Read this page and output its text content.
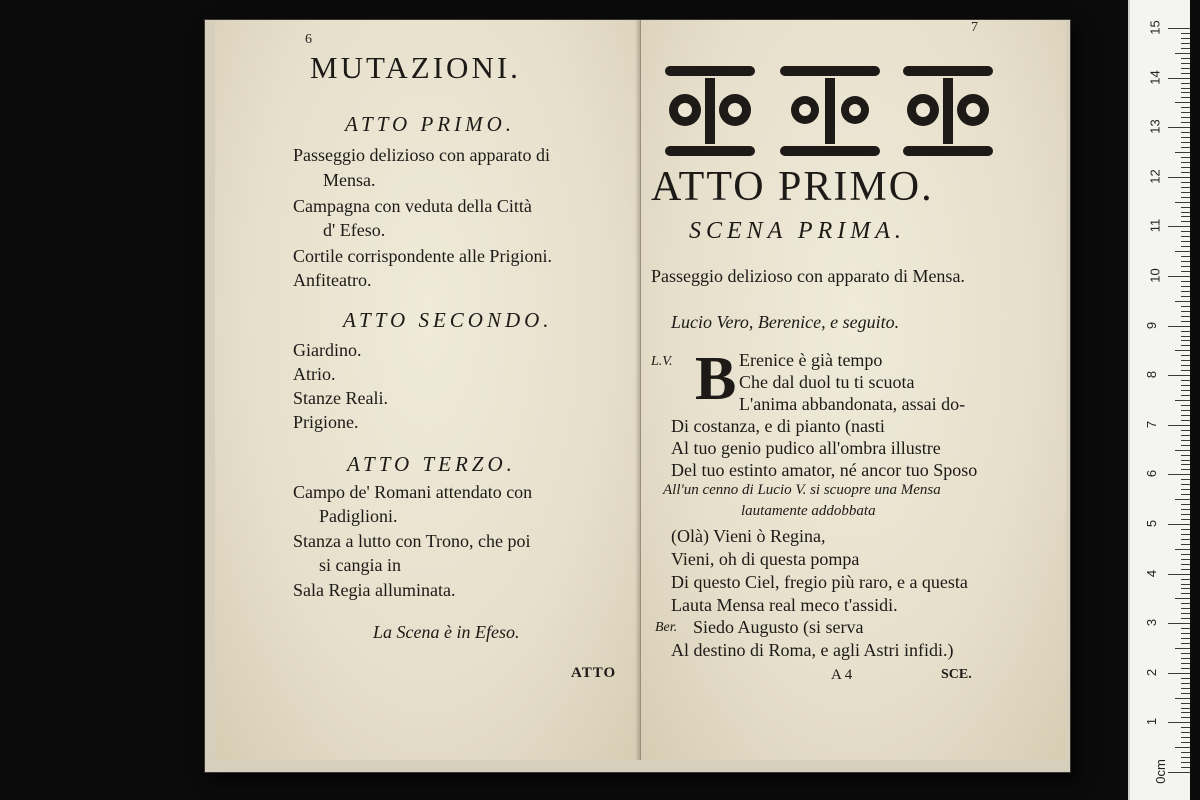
6
MUTAZIONI.
ATTO PRIMO.
Passeggio delizioso con apparato di
Mensa.
Campagna con veduta della Città
d' Efeso.
Cortile corrispondente alle Prigioni.
Anfiteatro.
ATTO SECONDO.
Giardino.
Atrio.
Stanze Reali.
Prigione.
ATTO TERZO.
Campo de' Romani attendato con
Padiglioni.
Stanza a lutto con Trono, che poi
si cangia in
Sala Regia alluminata.
La Scena è in Efeso.
ATTO
7
ATTO PRIMO.
SCENA PRIMA.
Passeggio delizioso con apparato di Mensa.
Lucio Vero, Berenice, e seguito.
L.V. B Erenice è già tempo
Che dal duol tu ti scuota
L'anima abbandonata, assai do-
Di costanza, e di pianto (nasti
Al tuo genio pudico all'ombra illustre
Del tuo estinto amator, né ancor tuo Sposo
All'un cenno di Lucio V. si scuopre una Mensa
lautamente addobbata
(Olà) Vieni ò Regina,
Vieni, oh di questa pompa
Di questo Ciel, fregio più raro, e a questa
Lauta Mensa real meco t'assidi.
Ber. Siedo Augusto (si serva
Al destino di Roma, e agli Astri infidi.)
A 4	SCE.
15
14
13
12
11
10
9
8
7
6
5
4
3
2
1
0cm
